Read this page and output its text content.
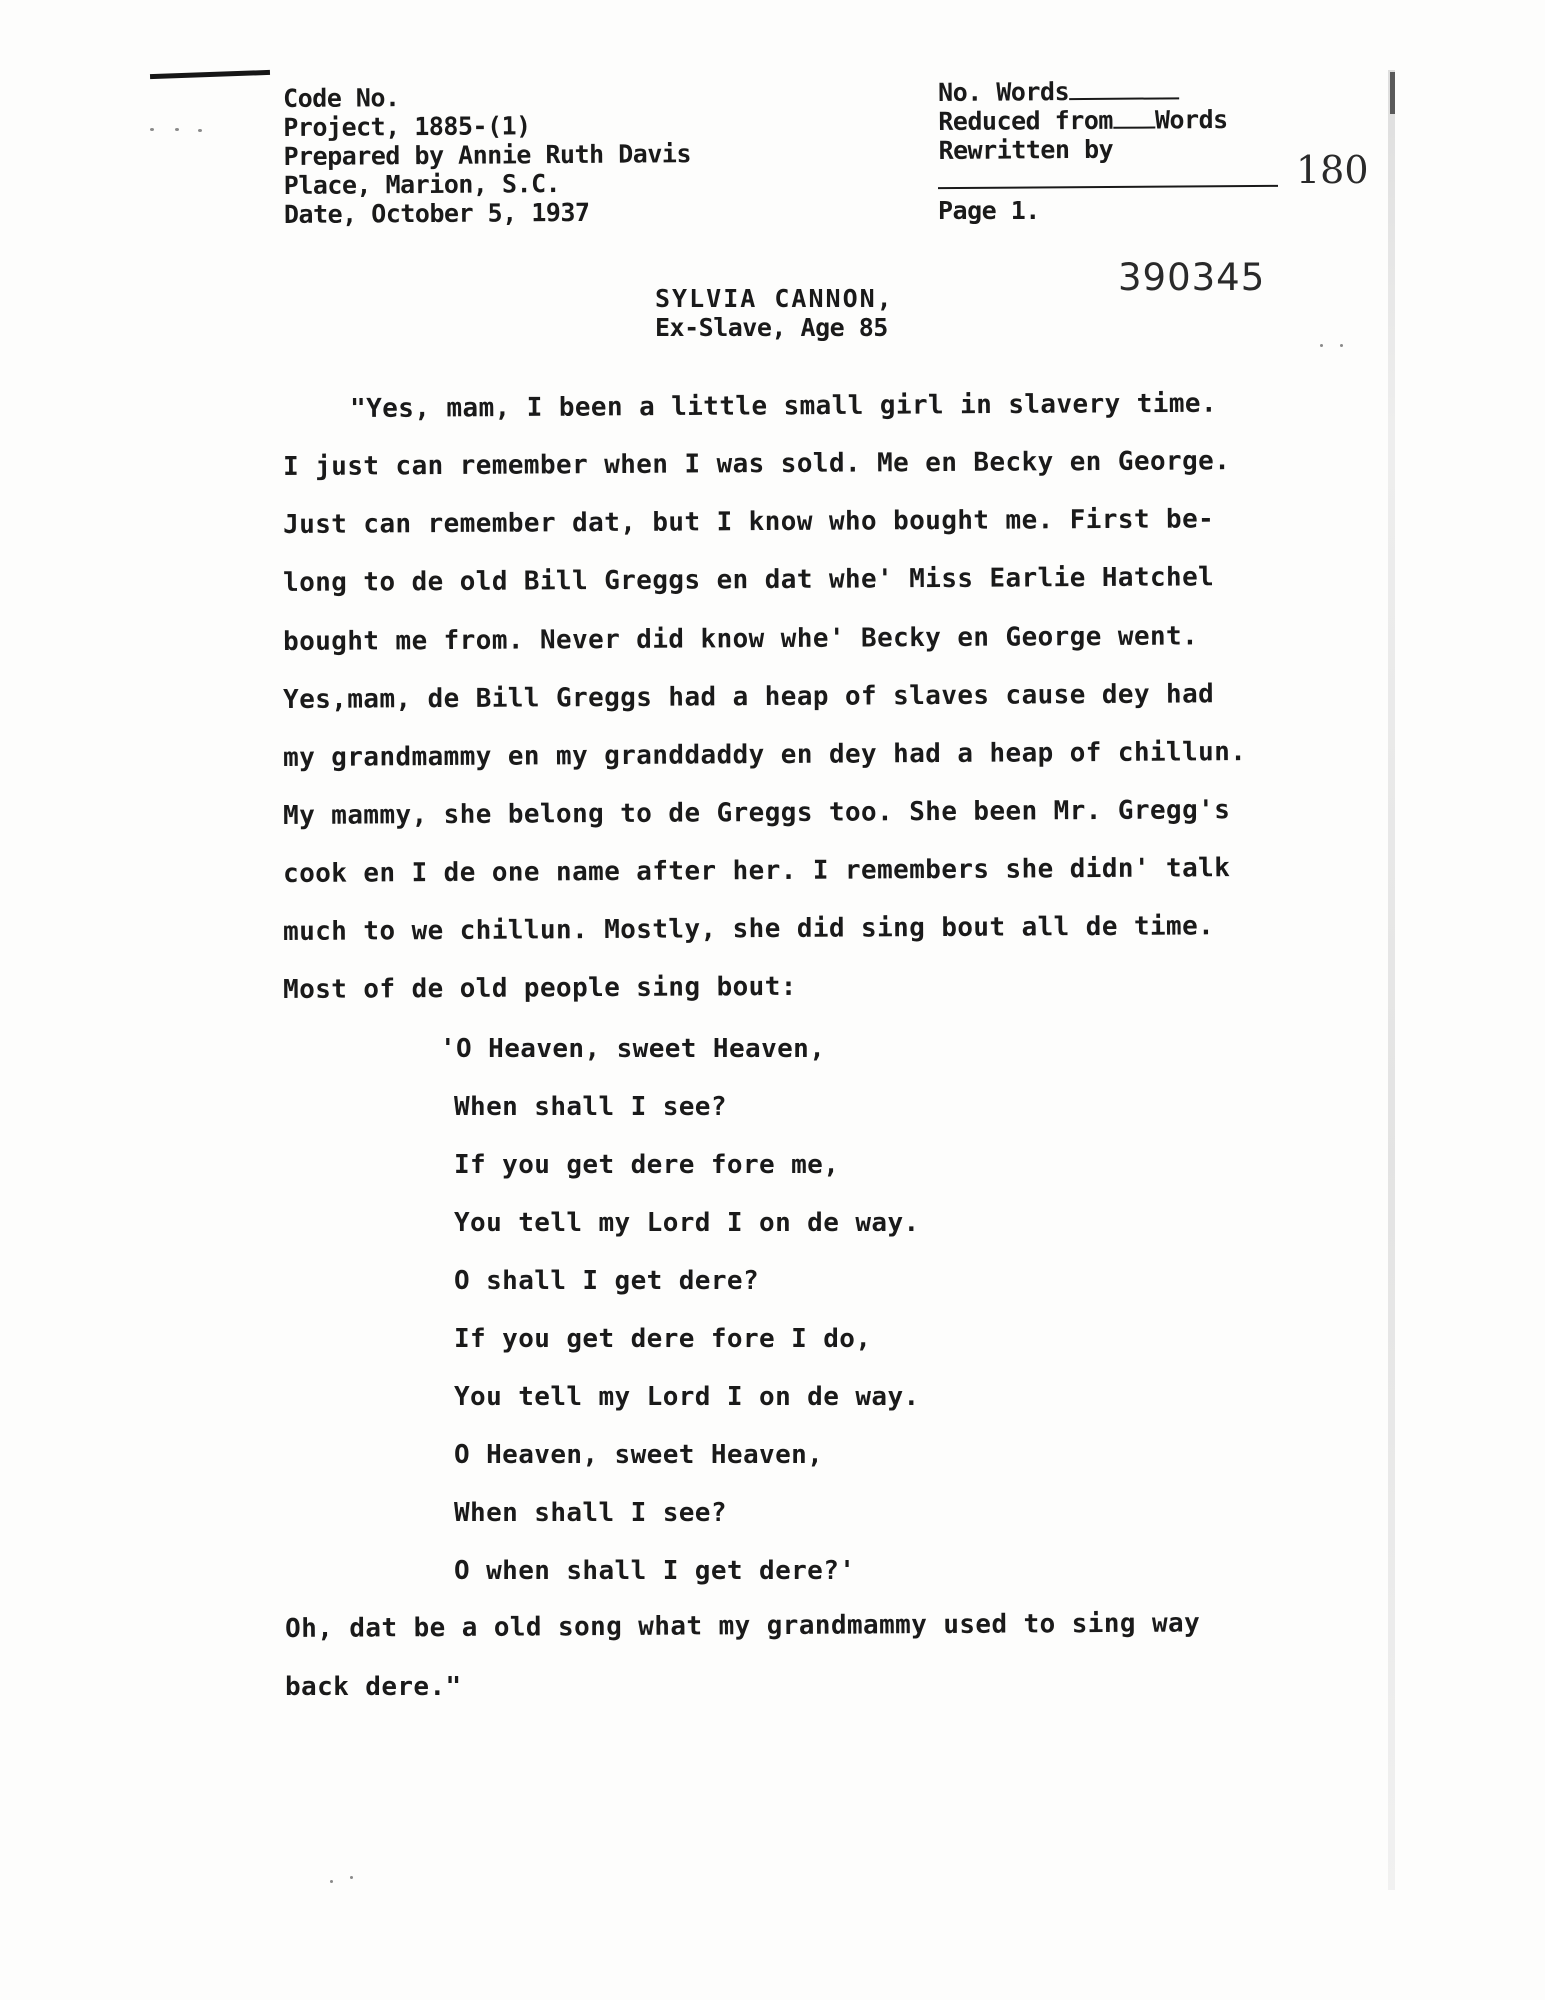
Code No.
Project, 1885-(1)
Prepared by Annie Ruth Davis
Place, Marion, S.C.
Date, October 5, 1937
No. Words
Reduced from Words
Rewritten by
Page 1.
180
390345
SYLVIA CANNON,
Ex-Slave, Age 85
"Yes, mam, I been a little small girl in slavery time.
I just can remember when I was sold. Me en Becky en George.
Just can remember dat, but I know who bought me. First be-
long to de old Bill Greggs en dat whe' Miss Earlie Hatchel
bought me from. Never did know whe' Becky en George went.
Yes,mam, de Bill Greggs had a heap of slaves cause dey had
my grandmammy en my granddaddy en dey had a heap of chillun.
My mammy, she belong to de Greggs too. She been Mr. Gregg's
cook en I de one name after her. I remembers she didn' talk
much to we chillun. Mostly, she did sing bout all de time.
Most of de old people sing bout:
'O Heaven, sweet Heaven,
When shall I see?
If you get dere fore me,
You tell my Lord I on de way.
O shall I get dere?
If you get dere fore I do,
You tell my Lord I on de way.
O Heaven, sweet Heaven,
When shall I see?
O when shall I get dere?'
Oh, dat be a old song what my grandmammy used to sing way
back dere."
